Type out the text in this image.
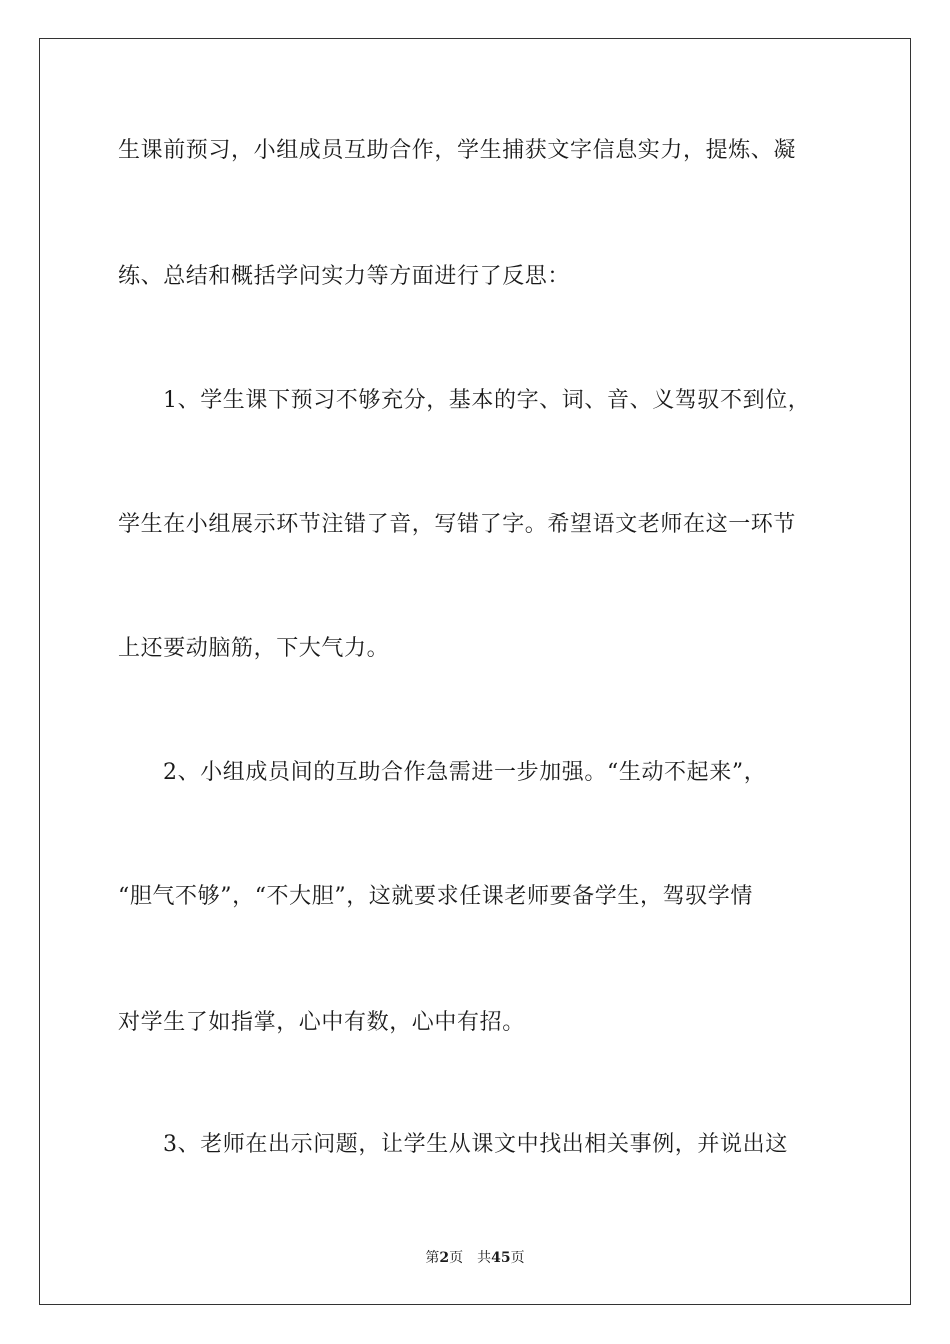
生课前预习，小组成员互助合作，学生捕获文字信息实力，提炼、凝
练、总结和概括学问实力等方面进行了反思：
1、学生课下预习不够充分，基本的字、词、音、义驾驭不到位，
学生在小组展示环节注错了音，写错了字。希望语文老师在这一环节
上还要动脑筋，下大气力。
2、小组成员间的互助合作急需进一步加强。“生动不起来”，
“胆气不够”，“不大胆”，这就要求任课老师要备学生，驾驭学情
对学生了如指掌，心中有数，心中有招。
3、老师在出示问题，让学生从课文中找出相关事例，并说出这
第2页 共45页
